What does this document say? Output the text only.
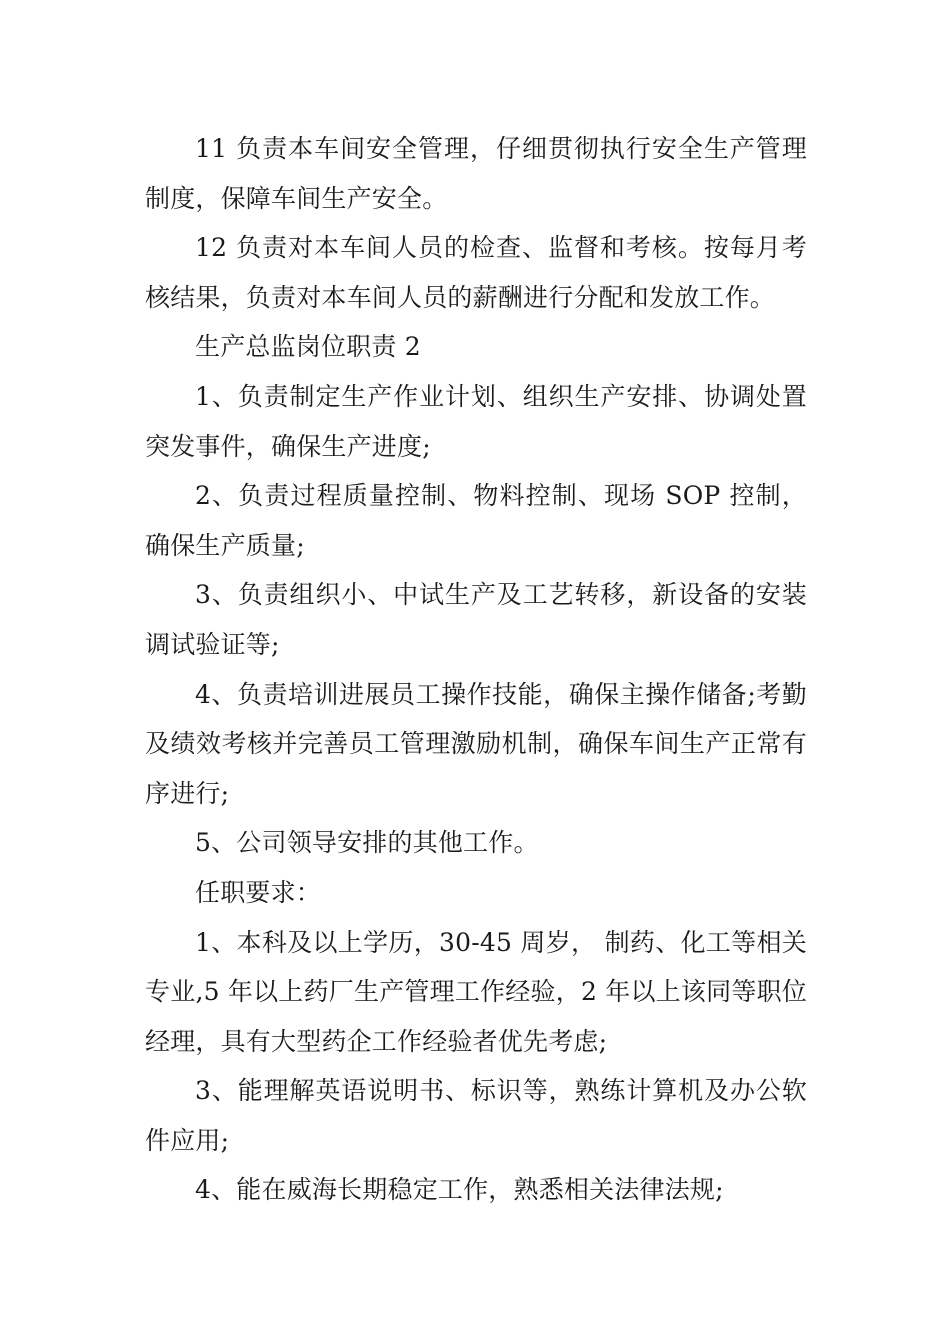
11 负责本车间安全管理，仔细贯彻执行安全生产管理制度，保障车间生产安全。

12 负责对本车间人员的检查、监督和考核。按每月考核结果，负责对本车间人员的薪酬进行分配和发放工作。

生产总监岗位职责 2

1、负责制定生产作业计划、组织生产安排、协调处置突发事件，确保生产进度;

2、负责过程质量控制、物料控制、现场 SOP 控制，确保生产质量;

3、负责组织小、中试生产及工艺转移，新设备的安装调试验证等;

4、负责培训进展员工操作技能，确保主操作储备;考勤及绩效考核并完善员工管理激励机制，确保车间生产正常有序进行;

5、公司领导安排的其他工作。

任职要求：

1、本科及以上学历，30-45 周岁， 制药、化工等相关专业,5 年以上药厂生产管理工作经验，2 年以上该同等职位经理，具有大型药企工作经验者优先考虑;

3、能理解英语说明书、标识等，熟练计算机及办公软件应用;

4、能在威海长期稳定工作，熟悉相关法律法规;
